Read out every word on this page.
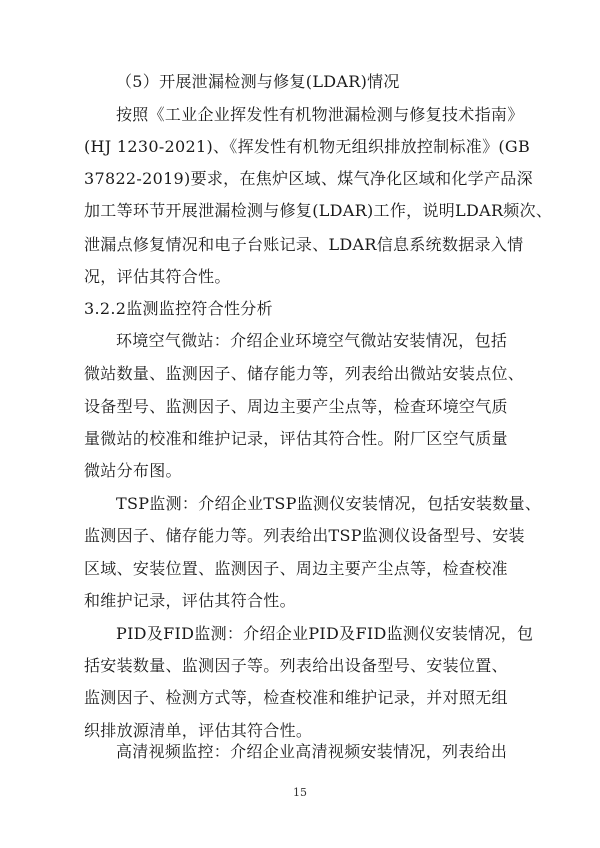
（5）开展泄漏检测与修复(LDAR)情况
按照《工业企业挥发性有机物泄漏检测与修复技术指南》
(HJ 1230-2021)、《挥发性有机物无组织排放控制标准》(GB
37822-2019)要求，在焦炉区域、煤气净化区域和化学产品深
加工等环节开展泄漏检测与修复(LDAR)工作，说明LDAR频次、
泄漏点修复情况和电子台账记录、LDAR信息系统数据录入情
况，评估其符合性。
3.2.2监测监控符合性分析
环境空气微站：介绍企业环境空气微站安装情况，包括
微站数量、监测因子、储存能力等，列表给出微站安装点位、
设备型号、监测因子、周边主要产尘点等，检查环境空气质
量微站的校准和维护记录，评估其符合性。附厂区空气质量
微站分布图。
TSP监测：介绍企业TSP监测仪安装情况，包括安装数量、
监测因子、储存能力等。列表给出TSP监测仪设备型号、安装
区域、安装位置、监测因子、周边主要产尘点等，检查校准
和维护记录，评估其符合性。
PID及FID监测：介绍企业PID及FID监测仪安装情况，包
括安装数量、监测因子等。列表给出设备型号、安装位置、
监测因子、检测方式等，检查校准和维护记录，并对照无组
织排放源清单，评估其符合性。
高清视频监控：介绍企业高清视频安装情况，列表给出
15
